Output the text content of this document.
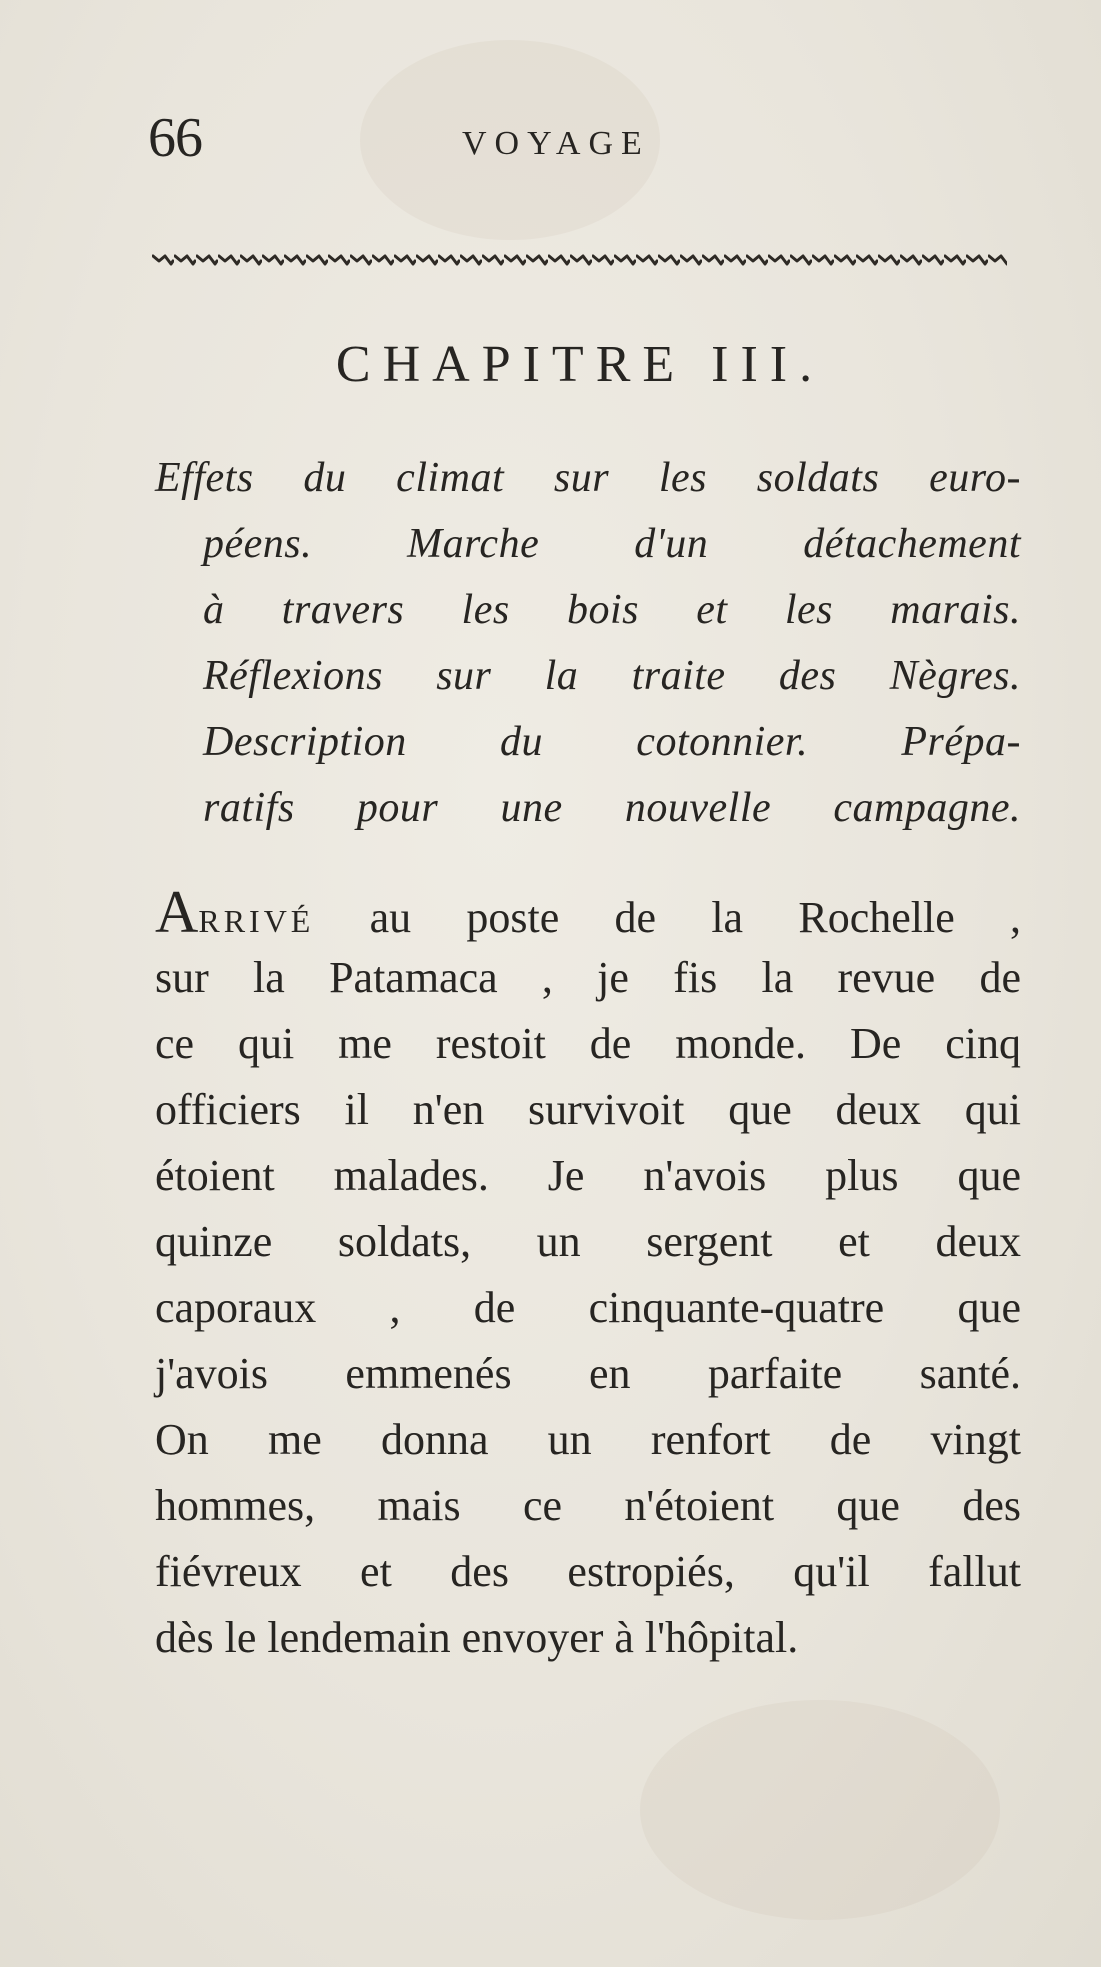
66	VOYAGE
CHAPITRE III.
Effets du climat sur les soldats euro-
péens. Marche d'un détachement
à travers les bois et les marais.
Réflexions sur la traite des Nègres.
Description du cotonnier. Prépa-
ratifs pour une nouvelle campagne.
ARRIVÉ au poste de la Rochelle ,
sur la Patamaca , je fis la revue de
ce qui me restoit de monde. De cinq
officiers il n'en survivoit que deux qui
étoient malades. Je n'avois plus que
quinze soldats, un sergent et deux
caporaux , de cinquante-quatre que
j'avois emmenés en parfaite santé.
On me donna un renfort de vingt
hommes, mais ce n'étoient que des
fiévreux et des estropiés, qu'il fallut
dès le lendemain envoyer à l'hôpital.
